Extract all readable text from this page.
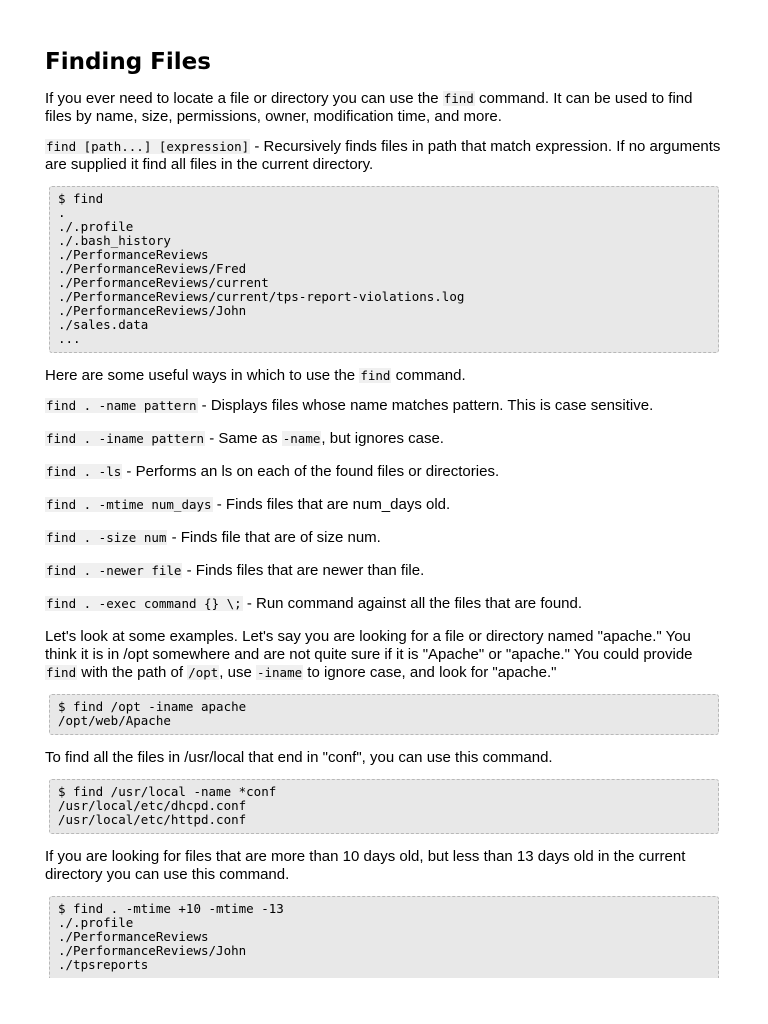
Finding Files

If you ever need to locate a file or directory you can use the find command. It can be used to find files by name, size, permissions, owner, modification time, and more.

find [path...] [expression] - Recursively finds files in path that match expression. If no arguments are supplied it find all files in the current directory.

$ find
.
./.profile
./.bash_history
./PerformanceReviews
./PerformanceReviews/Fred
./PerformanceReviews/current
./PerformanceReviews/current/tps-report-violations.log
./PerformanceReviews/John
./sales.data
...

Here are some useful ways in which to use the find command.

find . -name pattern - Displays files whose name matches pattern. This is case sensitive.

find . -iname pattern - Same as -name, but ignores case.

find . -ls - Performs an ls on each of the found files or directories.

find . -mtime num_days - Finds files that are num_days old.

find . -size num - Finds file that are of size num.

find . -newer file - Finds files that are newer than file.

find . -exec command {} \; - Run command against all the files that are found.

Let's look at some examples. Let's say you are looking for a file or directory named "apache." You think it is in /opt somewhere and are not quite sure if it is "Apache" or "apache." You could provide find with the path of /opt, use -iname to ignore case, and look for "apache."

$ find /opt -iname apache
/opt/web/Apache

To find all the files in /usr/local that end in "conf", you can use this command.

$ find /usr/local -name *conf
/usr/local/etc/dhcpd.conf
/usr/local/etc/httpd.conf

If you are looking for files that are more than 10 days old, but less than 13 days old in the current directory you can use this command.

$ find . -mtime +10 -mtime -13
./.profile
./PerformanceReviews
./PerformanceReviews/John
./tpsreports
